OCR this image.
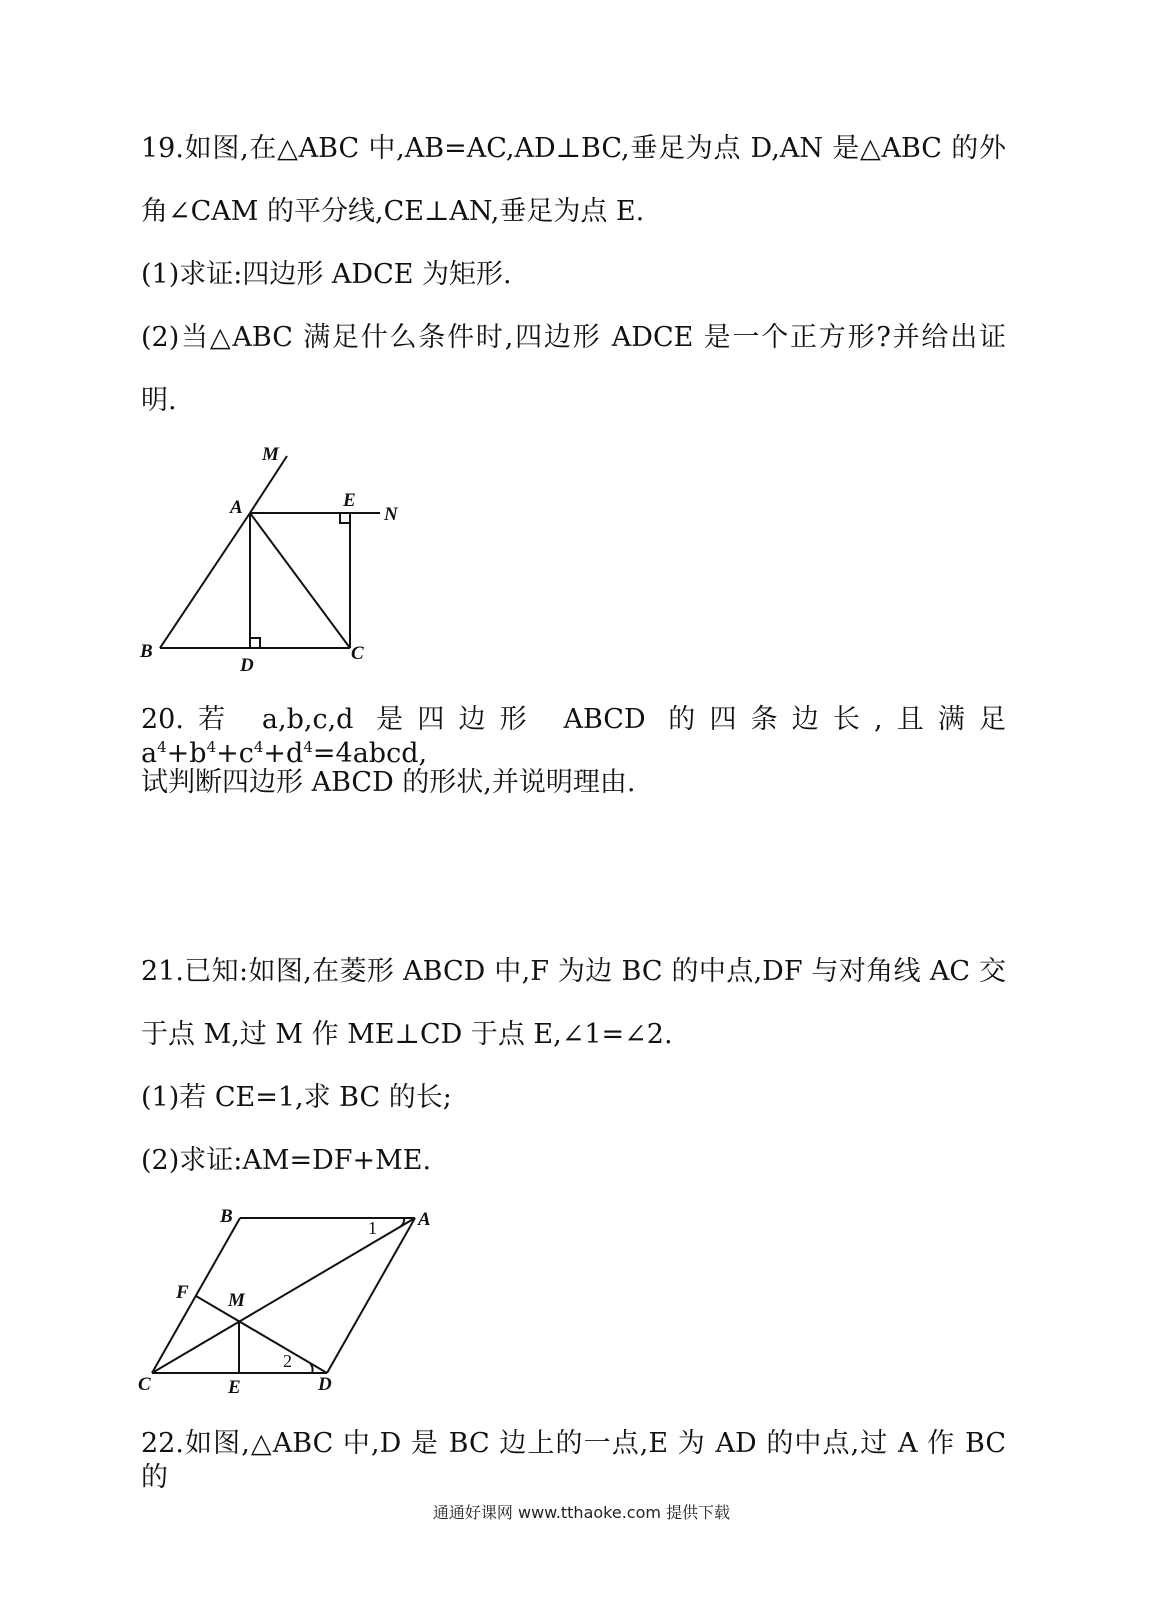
19.如图,在△ABC 中,AB=AC,AD⊥BC,垂足为点 D,AN 是△ABC 的外
角∠CAM 的平分线,CE⊥AN,垂足为点 E.
(1)求证:四边形 ADCE 为矩形.
(2)当△ABC 满足什么条件时,四边形 ADCE 是一个正方形?并给出证
明.
M
A	E
N
B
D
C
20.若 a,b,c,d 是四边形 ABCD 的四条边长,且满足 $a^4+b^4+c^4+d^4=4abcd$,
试判断四边形 ABCD 的形状,并说明理由.
21.已知:如图,在菱形 ABCD 中,F 为边 BC 的中点,DF 与对角线 AC 交
于点 M,过 M 作 ME⊥CD 于点 E,∠1=∠2.
(1)若 CE=1,求 BC 的长;
(2)求证:AM=DF+ME.
B	A
F M
C	E	D
1
2
22.如图,△ABC 中,D 是 BC 边上的一点,E 为 AD 的中点,过 A 作 BC 的
通通好课网 www.tthaoke.com 提供下载
